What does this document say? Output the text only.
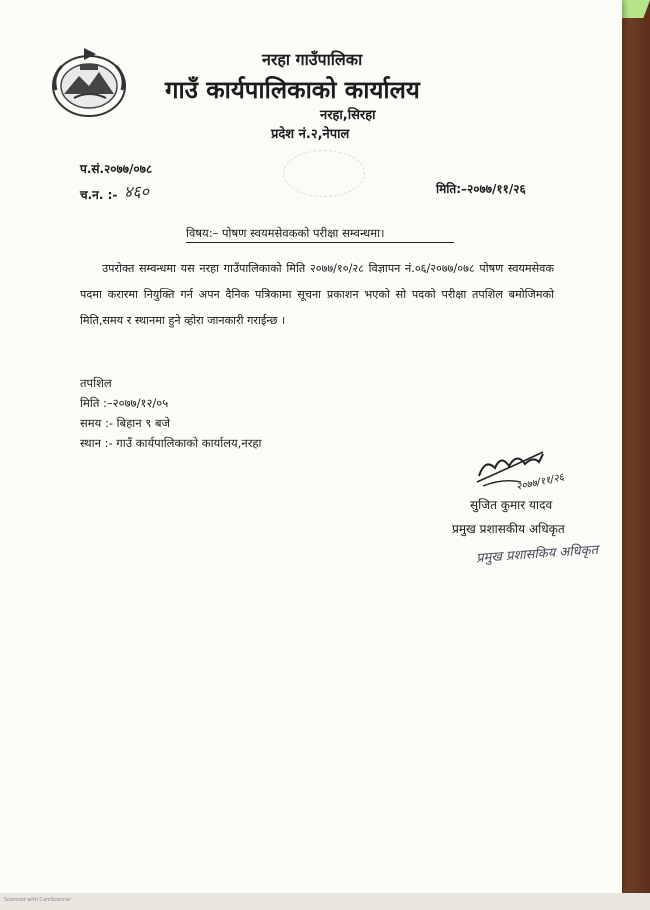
नरहा गाउँपालिका
गाउँ कार्यपालिकाको कार्यालय
नरहा,सिरहा
प्रदेश नं.२,नेपाल
प.सं.२०७७/०७८
च.न. :- ४६०	मिति:–२०७७/११/२६
विषय:– पोषण स्वयमसेवकको परीक्षा सम्वन्धमा।
उपरोक्त सम्वन्धमा यस नरहा गाउँपालिकाको मिति २०७७/१०/२८ विज्ञापन नं.०६/२०७७/०७८ पोषण स्वयमसेवक पदमा करारमा नियुक्ति गर्न अपन दैनिक पत्रिकामा सूचना प्रकाशन भएको सो पदको परीक्षा तपशिल बमोजिमको मिति,समय र स्थानमा हुने व्होरा जानकारी गराईन्छ ।
तपशिल
मिति :–२०७७/१२/०५
समय :- बिहान ९ बजे
स्थान :- गाउँ कार्यपालिकाको कार्यालय,नरहा
२०७७/११/२६
सुजित कुमार यादव
प्रमुख प्रशासकीय अधिकृत
प्रमुख प्रशासकिय अधिकृत
Scanned with CamScanner
